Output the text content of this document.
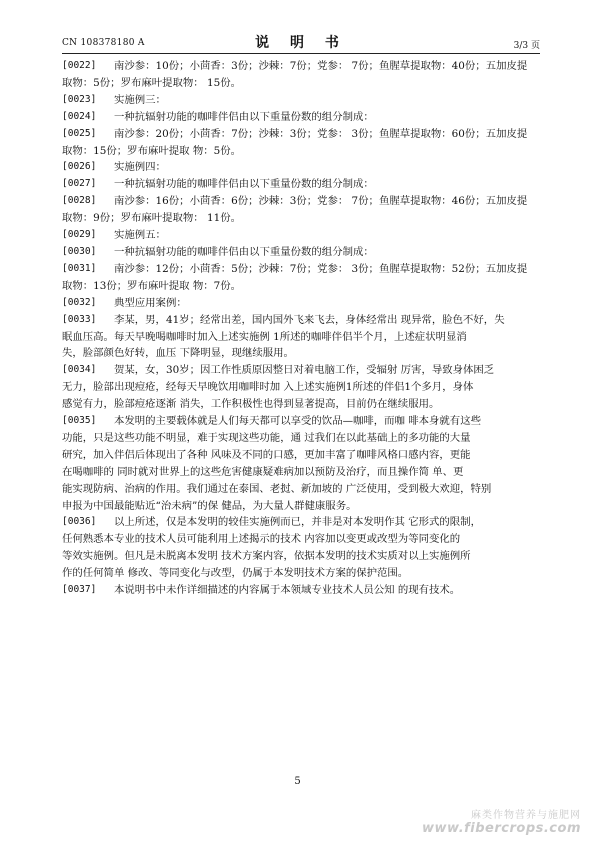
CN 108378180 A	说 明 书	3/3 页
[0022] 南沙参：10份；小茴香：3份；沙棘：7份；党参： 7份；鱼腥草提取物：40份；五加皮提
取物：5份；罗布麻叶提取物： 15份。
[0023] 实施例三：
[0024] 一种抗辐射功能的咖啡伴侣由以下重量份数的组分制成：
[0025] 南沙参：20份；小茴香：7份；沙棘：3份；党参： 3份；鱼腥草提取物：60份；五加皮提
取物：15份；罗布麻叶提取 物：5份。
[0026] 实施例四：
[0027] 一种抗辐射功能的咖啡伴侣由以下重量份数的组分制成：
[0028] 南沙参：16份；小茴香：6份；沙棘：3份；党参： 7份；鱼腥草提取物：46份；五加皮提
取物：9份；罗布麻叶提取物： 11份。
[0029] 实施例五：
[0030] 一种抗辐射功能的咖啡伴侣由以下重量份数的组分制成：
[0031] 南沙参：12份；小茴香：5份；沙棘：7份；党参： 3份；鱼腥草提取物：52份；五加皮提
取物：13份；罗布麻叶提取 物：7份。
[0032] 典型应用案例：
[0033] 李某，男，41岁；经常出差，国内国外飞来飞去，身体经常出 现异常，脸色不好，失
眠血压高。每天早晚喝咖啡时加入上述实施例 1所述的咖啡伴侣半个月，上述症状明显消
失，脸部颜色好转，血压 下降明显，现继续服用。
[0034] 贺某，女，30岁；因工作性质原因整日对着电脑工作，受辐射 厉害，导致身体困乏
无力，脸部出现痘疮，经每天早晚饮用咖啡时加 入上述实施例1所述的伴侣1个多月，身体
感觉有力，脸部痘疮逐渐 消失，工作积极性也得到显著提高，目前仍在继续服用。
[0035] 本发明的主要载体就是人们每天都可以享受的饮品—咖啡，而咖 啡本身就有这些
功能，只是这些功能不明显，难于实现这些功能，通 过我们在以此基础上的多功能的大量
研究，加入伴侣后体现出了各种 风味及不同的口感，更加丰富了咖啡风格口感内容，更能
在喝咖啡的 同时就对世界上的这些危害健康疑难病加以预防及治疗，而且操作简 单、更
能实现防病、治病的作用。我们通过在泰国、老挝、新加坡的 广泛使用，受到极大欢迎，特别
申报为中国最能贴近“治未病”的保 健品，为大量人群健康服务。
[0036] 以上所述，仅是本发明的较佳实施例而已，并非是对本发明作其 它形式的限制，
任何熟悉本专业的技术人员可能利用上述揭示的技术 内容加以变更或改型为等同变化的
等效实施例。但凡是未脱离本发明 技术方案内容，依据本发明的技术实质对以上实施例所
作的任何简单 修改、等同变化与改型，仍属于本发明技术方案的保护范围。
[0037] 本说明书中未作详细描述的内容属于本领域专业技术人员公知 的现有技术。
5
麻类作物营养与施肥网
www.fibercrops.com
